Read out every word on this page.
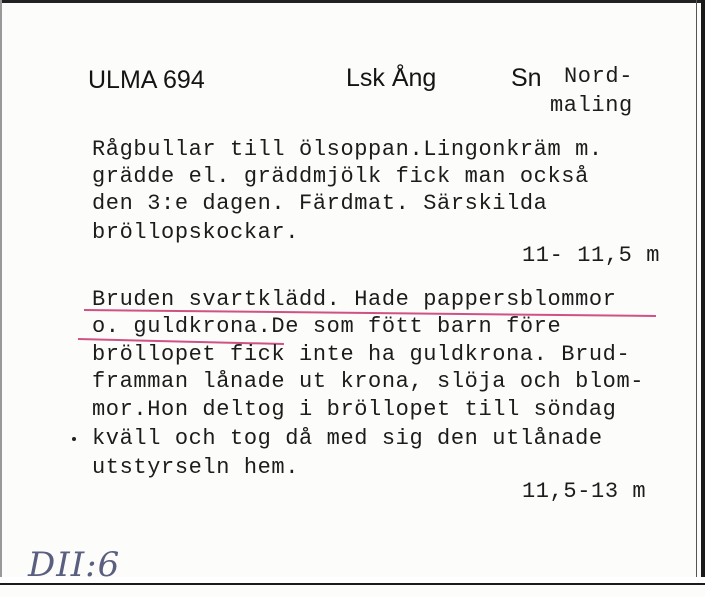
ULMA 694	Lsk Ång	Sn Nord-
maling
Rågbullar till ölsoppan.Lingonkräm m.
grädde el. gräddmjölk fick man också
den 3:e dagen. Färdmat. Särskilda
bröllopskockar.
11- 11,5 m
Bruden svartklädd. Hade pappersblommor
o. guldkrona.De som fött barn före
bröllopet fick inte ha guldkrona. Brud-
framman lånade ut krona, slöja och blom-
mor.Hon deltog i bröllopet till söndag
kväll och tog då med sig den utlånade
utstyrseln hem.
11,5-13 m
DII:6
